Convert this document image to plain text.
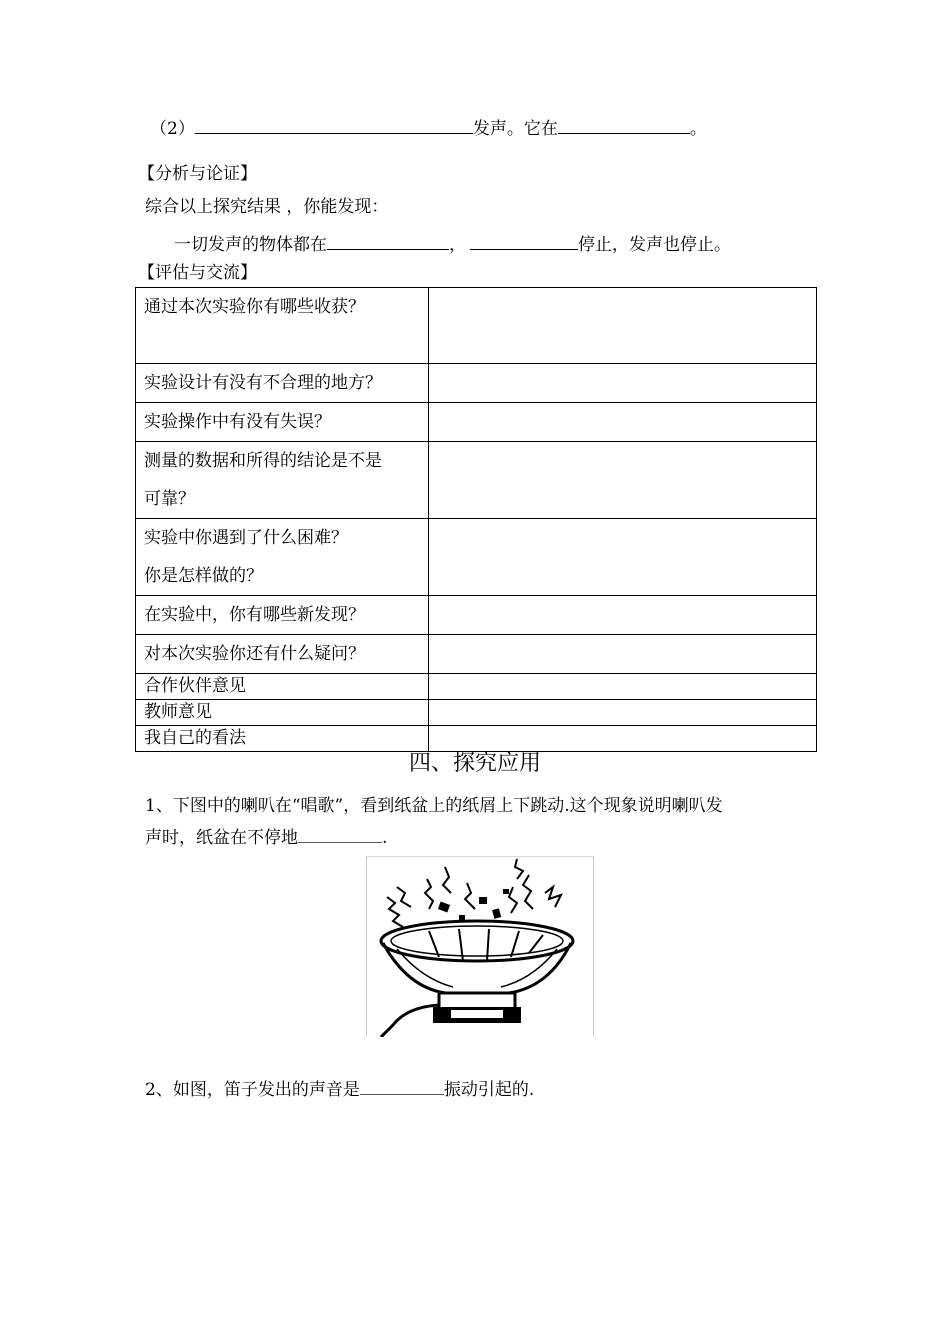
（2）	发声。它在	。
【分析与论证】
综合以上探究结果 ，你能发现：
一切发声的物体都在	，	停止，发声也停止。
【评估与交流】
通过本次实验你有哪些收获？	

实验设计有没有不合理的地方？	

实验操作中有没有失误？	

测量的数据和所得的结论是不是
可靠？	

实验中你遇到了什么困难？
你是怎样做的？	

在实验中，你有哪些新发现？	

对本次实验你还有什么疑问？	

合作伙伴意见	

教师意见	

我自己的看法	

四、探究应用
1、下图中的喇叭在“唱歌”，看到纸盆上的纸屑上下跳动.这个现象说明喇叭发
声时，纸盆在不停地	.
2、如图，笛子发出的声音是	振动引起的.
